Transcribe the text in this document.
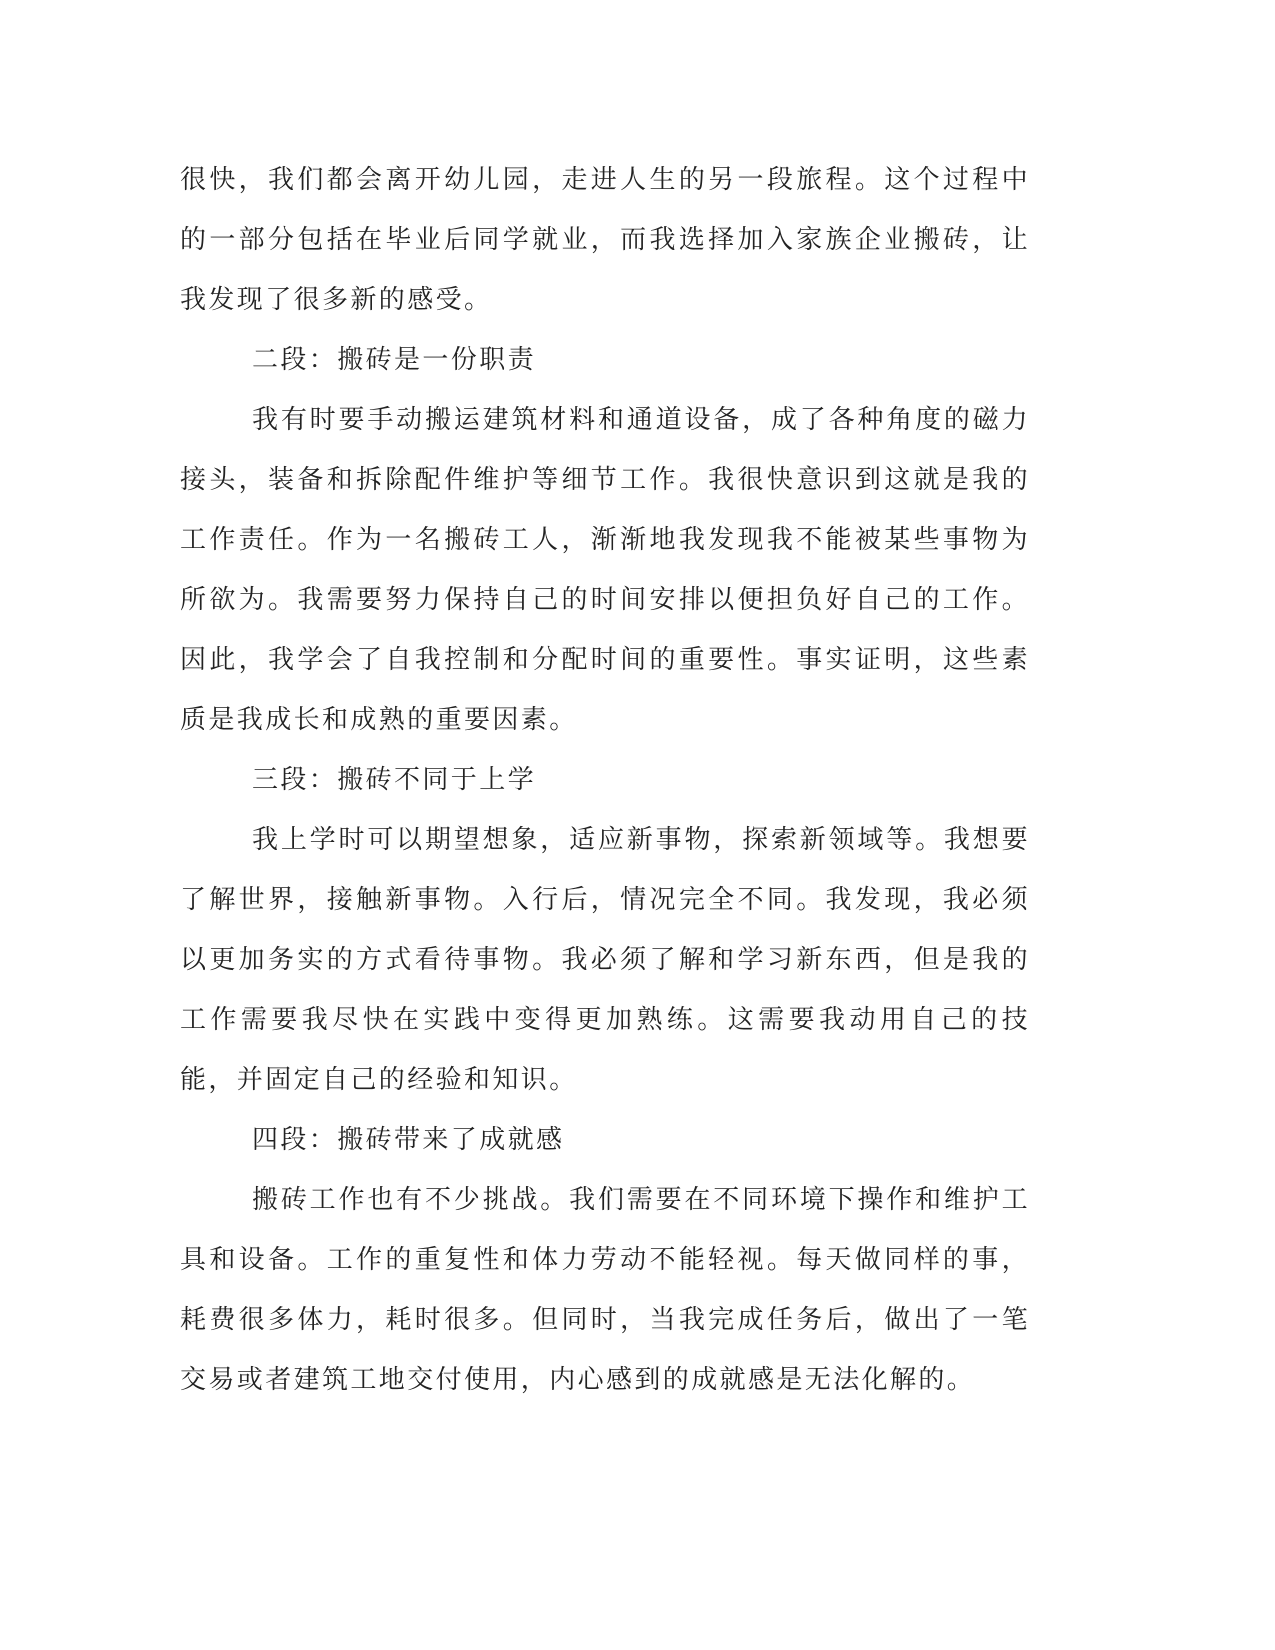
很快，我们都会离开幼儿园，走进人生的另一段旅程。这个过程中的一部分包括在毕业后同学就业，而我选择加入家族企业搬砖，让我发现了很多新的感受。

二段：搬砖是一份职责

我有时要手动搬运建筑材料和通道设备，成了各种角度的磁力接头，装备和拆除配件维护等细节工作。我很快意识到这就是我的工作责任。作为一名搬砖工人，渐渐地我发现我不能被某些事物为所欲为。我需要努力保持自己的时间安排以便担负好自己的工作。因此，我学会了自我控制和分配时间的重要性。事实证明，这些素质是我成长和成熟的重要因素。

三段：搬砖不同于上学

我上学时可以期望想象，适应新事物，探索新领域等。我想要了解世界，接触新事物。入行后，情况完全不同。我发现，我必须以更加务实的方式看待事物。我必须了解和学习新东西，但是我的工作需要我尽快在实践中变得更加熟练。这需要我动用自己的技能，并固定自己的经验和知识。

四段：搬砖带来了成就感

搬砖工作也有不少挑战。我们需要在不同环境下操作和维护工具和设备。工作的重复性和体力劳动不能轻视。每天做同样的事，耗费很多体力，耗时很多。但同时，当我完成任务后，做出了一笔交易或者建筑工地交付使用，内心感到的成就感是无法化解的。
